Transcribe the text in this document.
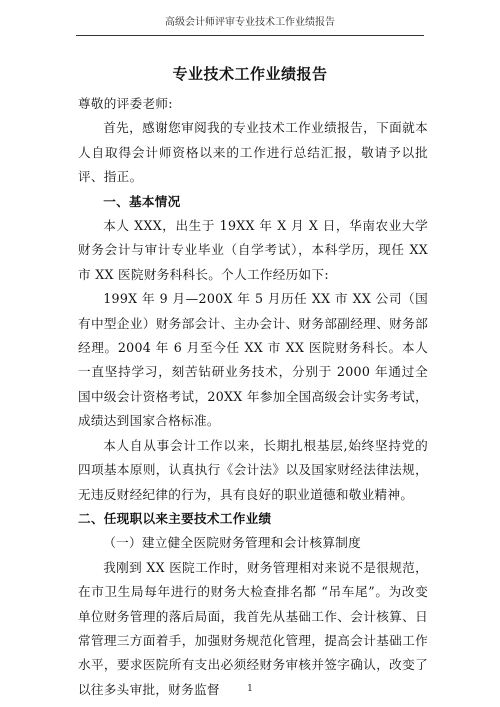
高级会计师评审专业技术工作业绩报告
专业技术工作业绩报告

尊敬的评委老师:

首先，感谢您审阅我的专业技术工作业绩报告，下面就本人自取得会计师资格以来的工作进行总结汇报，敬请予以批评、指正。

一、基本情况

本人 XXX，出生于 19XX 年 X 月 X 日，华南农业大学财务会计与审计专业毕业（自学考试），本科学历，现任 XX 市 XX 医院财务科科长。个人工作经历如下:

199X 年 9 月—200X 年 5 月历任 XX 市 XX 公司（国有中型企业）财务部会计、主办会计、财务部副经理、财务部经理。2004 年 6 月至今任 XX 市 XX 医院财务科长。本人一直坚持学习，刻苦钻研业务技术，分别于 2000 年通过全国中级会计资格考试，20XX 年参加全国高级会计实务考试，成绩达到国家合格标准。

本人自从事会计工作以来，长期扎根基层,始终坚持党的四项基本原则，认真执行《会计法》以及国家财经法律法规，无违反财经纪律的行为，具有良好的职业道德和敬业精神。

二、任现职以来主要技术工作业绩

（一）建立健全医院财务管理和会计核算制度

我刚到 XX 医院工作时，财务管理相对来说不是很规范，在市卫生局每年进行的财务大检查排名都 “吊车尾”。为改变单位财务管理的落后局面，我首先从基础工作、会计核算、日常管理三方面着手，加强财务规范化管理，提高会计基础工作水平，要求医院所有支出必须经财务审核并签字确认，改变了以往多头审批，财务监督	1
